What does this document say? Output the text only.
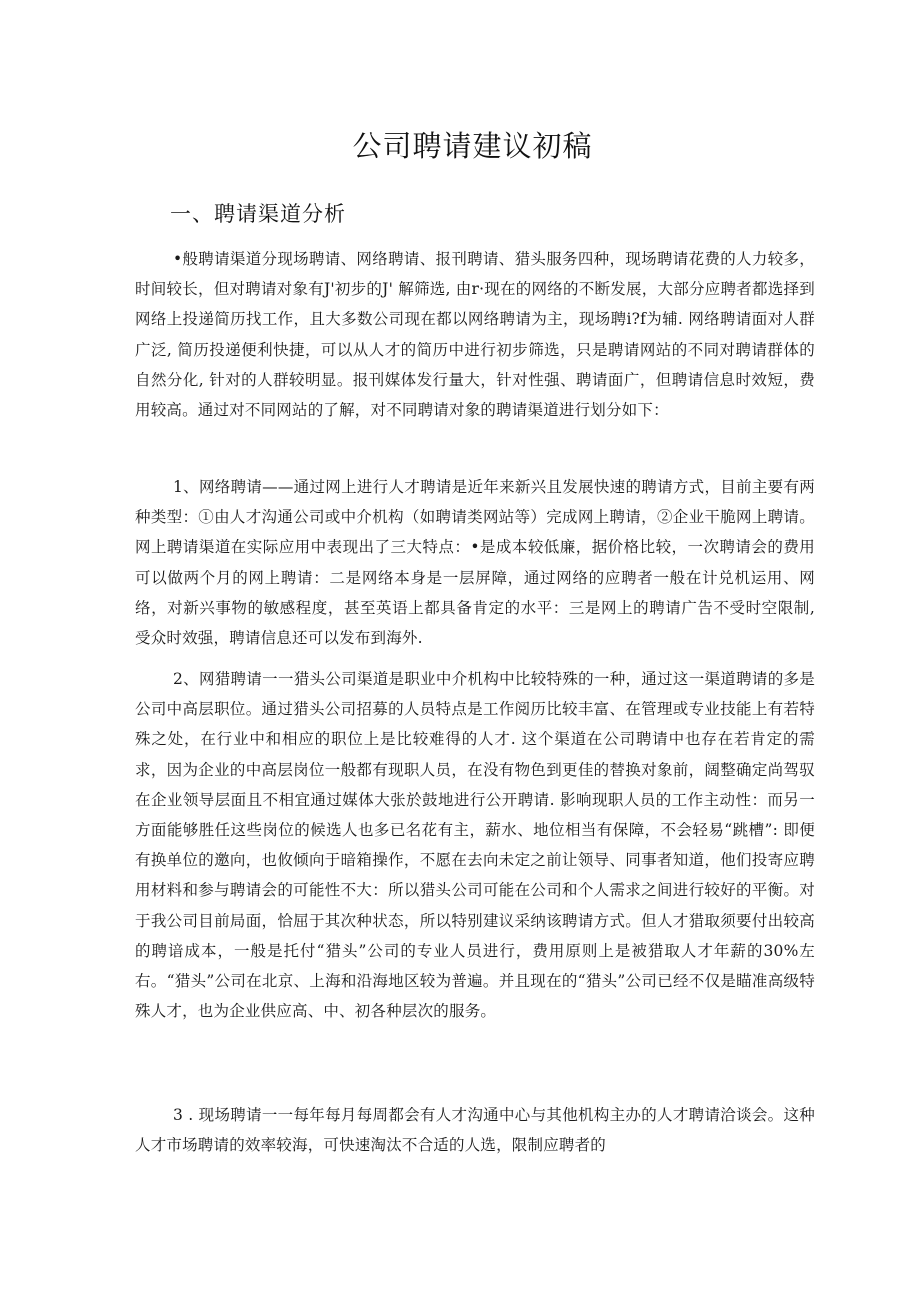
公司聘请建议初稿
一、聘请渠道分析

•般聘请渠道分现场聘请、网络聘请、报刊聘请、猎头服务四种，现场聘请花费的人力较多，时间较长，但对聘请对象有J'初步的J' 解筛选, 由r·现在的网络的不断发展，大部分应聘者都选择到网络上投递简历找工作，且大多数公司现在都以网络聘请为主，现场聘i?f为辅. 网络聘请面对人群广泛, 简历投递便利快捷，可以从人才的简历中进行初步筛选，只是聘请网站的不同对聘请群体的自然分化, 针对的人群较明显。报刊媒体发行量大，针对性强、聘请面广，但聘请信息时效短，费用较高。通过对不同网站的了解，对不同聘请对象的聘请渠道进行划分如下：

1、网络聘请——通过网上进行人才聘请是近年来新兴且发展快速的聘请方式，目前主要有两种类型：①由人才沟通公司或中介机构（如聘请类网站等）完成网上聘请，②企业干脆网上聘请。网上聘请渠道在实际应用中表现出了三大特点：•是成本较低廉，据价格比较，一次聘请会的费用可以做两个月的网上聘请：二是网络本身是一层屏障，通过网络的应聘者一般在计兑机运用、网络，对新兴事物的敏感程度，甚至英语上都具备肯定的水平：三是网上的聘请广告不受时空限制, 受众时效强，聘请信息还可以发布到海外.

2、网猎聘请一一猎头公司渠道是职业中介机构中比较特殊的一种，通过这一渠道聘请的多是公司中高层职位。通过猎头公司招募的人员特点是工作阅历比较丰富、在管理或专业技能上有若特殊之处，在行业中和相应的职位上是比较难得的人才. 这个渠道在公司聘请中也存在若肯定的需求，因为企业的中高层岗位一般都有现职人员，在没有物色到更佳的替换对象前，阔整确定尚驾驭在企业领导层面且不相宜通过媒体大张於鼓地进行公开聘请. 影响现职人员的工作主动性：而另一方面能够胜任这些岗位的候选人也多已名花有主，薪水、地位相当有保障，不会轻易“跳槽”: 即便有换单位的邀向，也攸倾向于暗箱操作，不愿在去向未定之前让领导、同事者知道，他们投寄应聘用材料和参与聘请会的可能性不大：所以猎头公司可能在公司和个人需求之间进行较好的平衡。对于我公司目前局面，恰屈于其次种状态，所以特别建议采纳该聘请方式。但人才猎取须要付出较高的聘谙成本，一般是托付“猎头”公司的专业人员进行，费用原则上是被猎取人才年薪的30%左右。“猎头”公司在北京、上海和沿海地区较为普遍。并且现在的“猎头”公司已经不仅是瞄准高级特殊人才，也为企业供应高、中、初各种层次的服务。

3 . 现场聘请一一每年每月每周都会有人才沟通中心与其他机构主办的人才聘请洽谈会。这种人才市场聘请的效率较海，可快速淘汰不合适的人选，限制应聘者的
